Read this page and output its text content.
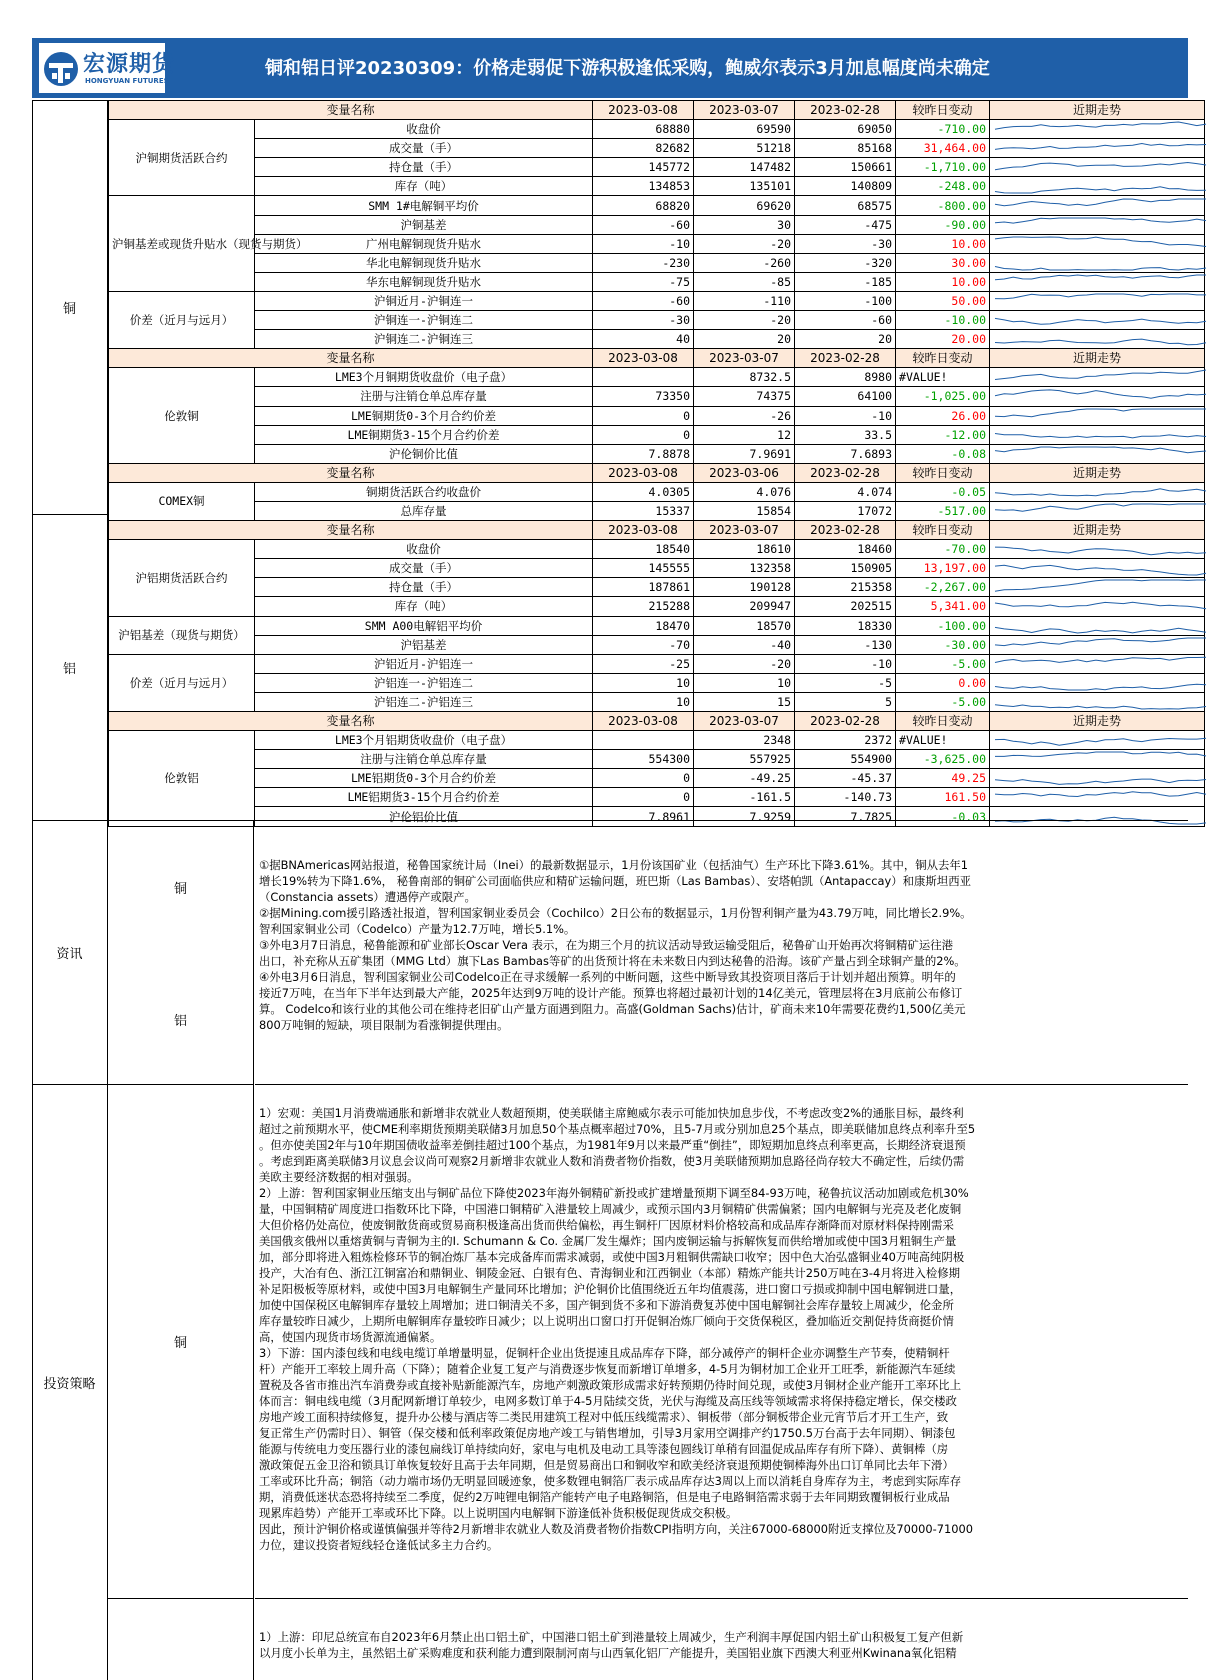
宏源期货
HONGYUAN FUTURES
铜和铝日评20230309：价格走弱促下游积极逢低采购，鲍威尔表示3月加息幅度尚未确定
铜
铝
资讯
投资策略
变量名称		2023-03-08	2023-03-07	2023-02-28	较昨日变动	近期走势
沪铜期货活跃合约	收盘价	68880	69590	69050	-710.00	

	成交量（手）	82682	51218	85168	31,464.00	

	持仓量（手）	145772	147482	150661	-1,710.00	

	库存（吨）	134853	135101	140809	-248.00	

沪铜基差或现货升贴水（现货与期货）	SMM 1#电解铜平均价	68820	69620	68575	-800.00	

	沪铜基差	-60	30	-475	-90.00	

	广州电解铜现货升贴水	-10	-20	-30	10.00	

	华北电解铜现货升贴水	-230	-260	-320	30.00	

	华东电解铜现货升贴水	-75	-85	-185	10.00	

价差（近月与远月）	沪铜近月-沪铜连一	-60	-110	-100	50.00	

	沪铜连一-沪铜连二	-30	-20	-60	-10.00	

	沪铜连二-沪铜连三	40	20	20	20.00	

变量名称		2023-03-08	2023-03-07	2023-02-28	较昨日变动	近期走势
伦敦铜	LME3个月铜期货收盘价（电子盘）		8732.5	8980	#VALUE!	

	注册与注销仓单总库存量	73350	74375	64100	-1,025.00	

	LME铜期货0-3个月合约价差	0	-26	-10	26.00	

	LME铜期货3-15个月合约价差	0	12	33.5	-12.00	

	沪伦铜价比值	7.8878	7.9691	7.6893	-0.08	

变量名称		2023-03-08	2023-03-06	2023-02-28	较昨日变动	近期走势
COMEX铜	铜期货活跃合约收盘价	4.0305	4.076	4.074	-0.05	

	总库存量	15337	15854	17072	-517.00	

变量名称		2023-03-08	2023-03-07	2023-02-28	较昨日变动	近期走势
沪铝期货活跃合约	收盘价	18540	18610	18460	-70.00	

	成交量（手）	145555	132358	150905	13,197.00	

	持仓量（手）	187861	190128	215358	-2,267.00	

	库存（吨）	215288	209947	202515	5,341.00	

沪铝基差（现货与期货）	SMM A00电解铝平均价	18470	18570	18330	-100.00	

	沪铝基差	-70	-40	-130	-30.00	

价差（近月与远月）	沪铝近月-沪铝连一	-25	-20	-10	-5.00	

	沪铝连一-沪铝连二	10	10	-5	0.00	

	沪铝连二-沪铝连三	10	15	5	-5.00	

变量名称		2023-03-08	2023-03-07	2023-02-28	较昨日变动	近期走势
伦敦铝	LME3个月铝期货收盘价（电子盘）		2348	2372	#VALUE!	

	注册与注销仓单总库存量	554300	557925	554900	-3,625.00	

	LME铝期货0-3个月合约价差	0	-49.25	-45.37	49.25	

	LME铝期货3-15个月合约价差	0	-161.5	-140.73	161.50	

	沪伦铝价比值	7.8961	7.9259	7.7825	-0.03	
铜
铝
①据BNAmericas网站报道，秘鲁国家统计局（Inei）的最新数据显示，1月份该国矿业（包括油气）生产环比下降3.61%。其中，铜从去年1
增长19%转为下降1.6%， 秘鲁南部的铜矿公司面临供应和精矿运输问题，班巴斯（Las Bambas）、安塔帕凯（Antapaccay）和康斯坦西亚
（Constancia assets）遭遇停产或限产。
②据Mining.com援引路透社报道，智利国家铜业委员会（Cochilco）2日公布的数据显示，1月份智利铜产量为43.79万吨，同比增长2.9%。
智利国家铜业公司（Codelco）产量为12.7万吨，增长5.1%。
③外电3月7日消息，秘鲁能源和矿业部长Oscar Vera 表示，在为期三个月的抗议活动导致运输受阻后，秘鲁矿山开始再次将铜精矿运往港
出口，补充称从五矿集团（MMG Ltd）旗下Las Bambas等矿的出货预计将在未来数日内到达秘鲁的沿海。该矿产量占到全球铜产量的2%。
④外电3月6日消息，智利国家铜业公司Codelco正在寻求缓解一系列的中断问题，这些中断导致其投资项目落后于计划并超出预算。明年的
接近7万吨，在当年下半年达到最大产能，2025年达到9万吨的设计产能。预算也将超过最初计划的14亿美元，管理层将在3月底前公布修订
算。 Codelco和该行业的其他公司在维持老旧矿山产量方面遇到阻力。高盛(Goldman Sachs)估计，矿商未来10年需要花费约1,500亿美元
800万吨铜的短缺，项目限制为看涨铜提供理由。
铜
1）宏观：美国1月消费端通胀和新增非农就业人数超预期，使美联储主席鲍威尔表示可能加快加息步伐，不考虑改变2%的通胀目标，最终利
超过之前预期水平，使CME利率期货预期美联储3月加息50个基点概率超过70%，且5-7月或分别加息25个基点，即美联储加息终点利率升至5
。但亦使美国2年与10年期国债收益率差倒挂超过100个基点，为1981年9月以来最严重“倒挂”，即短期加息终点利率更高，长期经济衰退预
。考虑到距离美联储3月议息会议尚可观察2月新增非农就业人数和消费者物价指数，使3月美联储预期加息路径尚存较大不确定性，后续仍需
美欧主要经济数据的相对强弱。
2）上游：智利国家铜业压缩支出与铜矿品位下降使2023年海外铜精矿新投或扩建增量预期下调至84-93万吨，秘鲁抗议活动加剧或危机30%
量，中国铜精矿周度进口指数环比下降，中国港口铜精矿入港量较上周减少，或预示国内3月铜精矿供需偏紧；国内电解铜与光亮及老化废铜
大但价格仍处高位，使废铜散货商或贸易商积极逢高出货而供给偏松，再生铜杆厂因原材料价格较高和成品库存渐降而对原材料保持刚需采
美国俄亥俄州以重熔黄铜与青铜为主的I. Schumann & Co. 金属厂发生爆炸；国内废铜运输与拆解恢复而供给增加或使中国3月粗铜生产量
加，部分即将进入粗炼检修环节的铜冶炼厂基本完成备库而需求减弱，或使中国3月粗铜供需缺口收窄；因中色大冶弘盛铜业40万吨高纯阴极
投产，大冶有色、浙江江铜富冶和鼎铜业、铜陵金冠、白银有色、青海铜业和江西铜业（本部）精炼产能共计250万吨在3-4月将进入检修期
补足阳极板等原材料，或使中国3月电解铜生产量同环比增加；沪伦铜价比值围绕近五年均值震荡，进口窗口亏损或抑制中国电解铜进口量，
加使中国保税区电解铜库存量较上周增加；进口铜清关不多，国产铜到货不多和下游消费复苏使中国电解铜社会库存量较上周减少，伦金所
库存量较昨日减少，上期所电解铜库存量较昨日减少；以上说明出口窗口打开促铜冶炼厂倾向于交货保税区，叠加临近交割促持货商挺价情
高，使国内现货市场货源流通偏紧。
3）下游：国内漆包线和电线电缆订单增量明显，促铜杆企业出货提速且成品库存下降，部分减停产的铜杆企业亦调整生产节奏，使精铜杆
杆）产能开工率较上周升高（下降）；随着企业复工复产与消费逐步恢复而新增订单增多，4-5月为铜材加工企业开工旺季，新能源汽车延续
置税及各省市推出汽车消费券或直接补贴新能源汽车，房地产刺激政策形成需求好转预期仍待时间兑现，或使3月铜材企业产能开工率环比上
体而言：铜电线电缆（3月配网新增订单较少，电网多数订单于4-5月陆续交货，光伏与海缆及高压线等领域需求将保持稳定增长，保交楼政
房地产竣工面积持续修复，提升办公楼与酒店等二类民用建筑工程对中低压线缆需求）、铜板带（部分铜板带企业元宵节后才开工生产，致
复正常生产仍需时日）、铜管（保交楼和低利率政策促房地产竣工与销售增加，引导3月家用空调排产约1750.5万台高于去年同期）、铜漆包
能源与传统电力变压器行业的漆包扁线订单持续向好，家电与电机及电动工具等漆包圆线订单稍有回温促成品库存有所下降）、黄铜棒（房
激政策促五金卫浴和锁具订单恢复较好且高于去年同期，但是贸易商出口和铜收窄和欧美经济衰退预期使铜棒海外出口订单同比去年下滑）
工率或环比升高；铜箔（动力端市场仍无明显回暖迹象，使多数锂电铜箔厂表示成品库存达3周以上而以消耗自身库存为主，考虑到实际库存
期，消费低迷状态恐将持续至二季度，促约2万吨锂电铜箔产能转产电子电路铜箔，但是电子电路铜箔需求弱于去年同期致覆铜板行业成品
现累库趋势）产能开工率或环比下降。以上说明国内电解铜下游逢低补货积极促现货成交积极。
因此，预计沪铜价格或谨慎偏强并等待2月新增非农就业人数及消费者物价指数CPI指明方向，关注67000-68000附近支撑位及70000-71000
力位，建议投资者短线轻仓逢低试多主力合约。
1）上游：印尼总统宣布自2023年6月禁止出口铝土矿，中国港口铝土矿到港量较上周减少，生产利润丰厚促国内铝土矿山积极复工复产但新
以月度小长单为主，虽然铝土矿采购难度和获利能力遭到限制河南与山西氧化铝厂产能提升，美国铝业旗下西澳大利亚州Kwinana氧化铝精
